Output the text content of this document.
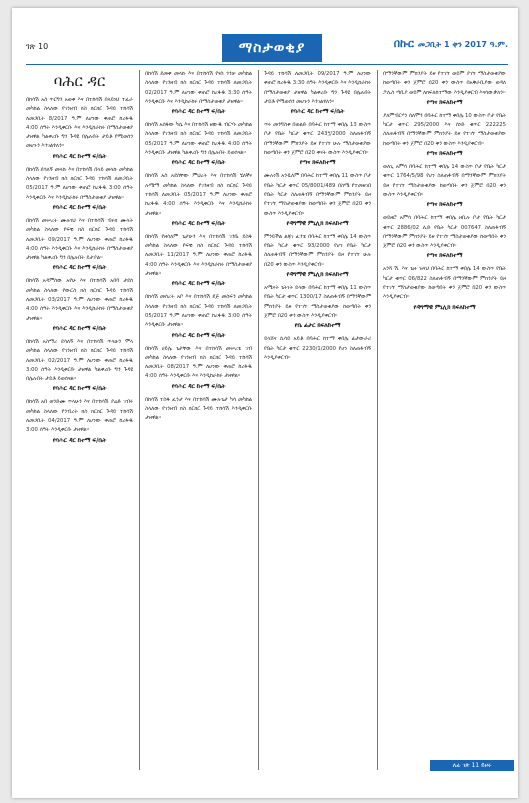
ገጽ 10	ማስታወቂያ	በኩር መጋቢት 1 ቀን 2017 ዓ.ም.
ባሕር ዳር

በከሳሽ አስ ጥርግን አወቀ እና በተከሳሽ በላይነህ ተፈራ መካከል ስላለው የገንዘብ ክስ ክርክር ጉዳይ ተከሳሽ ለመጋቢት 8/2017 ዓ.ም ለሆነው ቀጠሮ ከረፋዱ 4:00 ሰዓት እንዲቀርቡ እና እንዲከራከሩ በማስታወቂያ ታዘዋል ካልቀረቡ ግን ጉዳዩ በሌሉበት ታይቶ የሚወሰን መሆኑን እንገልፃለን።

የባሕር ዳር ከተማ ፍ/ቤት

በከሳሽ ደሳለኝ መላኩ እና በተከሳሽ በላይ መላኩ መካከል ስላለው የገንዘብ ክስ ክርክር ጉዳይ ተከሳሽ ለመጋቢት 05/2017 ዓ.ም ለሆነው ቀጠሮ ከረፋዱ 3:00 ሰዓት እንዲቀርቡ እና እንዲከራከሩ በማስታወቂያ ታዘዋል።

የባሕር ዳር ከተማ ፍ/ቤት

በከሳሽ መሠረት ሙሉነህ እና በተከሳሽ ብሩክ ሙላት መካከል ስላለው የፍቺ ክስ ክርክር ጉዳይ ተከሳሽ ለመጋቢት 09/2017 ዓ.ም ለሆነው ቀጠሮ ከረፋዱ 4:00 ሰዓት እንዲቀርቡ እና እንዲከራከሩ በማስታወቂያ ታዘዋል ካልቀረቡ ግን በሌሉበት ይታያል።

የባሕር ዳር ከተማ ፍ/ቤት

በከሳሽ አዳምሰው አየሁ እና በተከሳሽ አበባ ታደሰ መካከል ስላለው የውርስ ክስ ክርክር ጉዳይ ተከሳሽ ለመጋቢት 03/2017 ዓ.ም ለሆነው ቀጠሮ ከረፋዱ 4:00 ሰዓት እንዲቀርቡ እና እንዲከራከሩ በማስታወቂያ ታዘዋል።

የባሕር ዳር ከተማ ፍ/ቤት

በከሳሽ አስማረ ደሳለኝ እና በተከሳሽ ጥላሁን ሞላ መካከል ስላለው የገንዘብ ክስ ክርክር ጉዳይ ተከሳሽ ለመጋቢት 02/2017 ዓ.ም ለሆነው ቀጠሮ ከረፋዱ 3:00 ሰዓት እንዲቀርቡ ታዘዋል ካልቀረቡ ግን ጉዳዩ በሌሉበት ታይቶ ይወሰናል።

የባሕር ዳር ከተማ ፍ/ቤት

በከሳሽ አበ ወንድሙ ጥላሁን እና በተከሳሽ ያሬድ ገብሩ መካከል ስላለው የንብረት ክስ ክርክር ጉዳይ ተከሳሽ ለመጋቢት 04/2017 ዓ.ም ለሆነው ቀጠሮ ከረፋዱ 3:00 ሰዓት እንዲቀርቡ ታዘዋል።

የባሕር ዳር ከተማ ፍ/ቤት

በከሳሽ ደመቀ መላኩ እና በተከሳሽ የናስ ጎንቻ መካከል ስላለው የገንዘብ ክስ ክርክር ጉዳይ ተከሳሽ ለመጋቢት 02/2017 ዓ.ም ለሆነው ቀጠሮ ከረፋዱ 3:30 ሰዓት እንዲቀርቡ እና እንዲከራከሩ በማስታወቂያ ታዘዋል።

የባሕር ዳር ከተማ ፍ/ቤት

በከሳሽ አሰፋው ካሴ እና በተከሳሽ ዘውዱ ብርሃኑ መካከል ስላለው የገንዘብ ክስ ክርክር ጉዳይ ተከሳሽ ለመጋቢት 05/2017 ዓ.ም ለሆነው ቀጠሮ ከረፋዱ 4:00 ሰዓት እንዲቀርቡ ታዘዋል ካልቀረቡ ግን በሌሉበት ይወሰናል።

የባሕር ዳር ከተማ ፍ/ቤት

በከሳሽ አስ አደሰቸው ምህረት እና በተከሳሽ ሄለኛና ሉሜማ መካከል ስላለው የገንዘብ ክስ ክርክር ጉዳይ ተከሳሽ ለመጋቢት 05/2017 ዓ.ም ለሆነው ቀጠሮ ከረፋዱ 4:00 ሰዓት እንዲቀርቡ እና እንዲከራከሩ ታዘዋል።

የባሕር ዳር ከተማ ፍ/ቤት

በከሳሽ የዘሳለም ጌታሁን እና በተከሳሽ ገንቤ ይስፋ መካከል ስላለው የፍቺ ክስ ክርክር ጉዳይ ተከሳሽ ለመጋቢት 11/2017 ዓ.ም ለሆነው ቀጠሮ ከረፋዱ 4:00 ሰዓት እንዲቀርቡ እና እንዲከራከሩ በማስታወቂያ ታዘዋል።

የባሕር ዳር ከተማ ፍ/ቤት

በከሳሽ መሰረት አቦ እና በተከሳሽ ደጅ መስፍን መካከል ስላለው የገንዘብ ክስ ክርክር ጉዳይ ተከሳሽ ለመጋቢት 05/2017 ዓ.ም ለሆነው ቀጠሮ ከረፋዱ 3:00 ሰዓት እንዲቀርቡ ታዘዋል።

የባሕር ዳር ከተማ ፍ/ቤት

በከሳሽ ሀይሌ ጌታቸው እና በተከሳሽ መሠረቴ ገብ መካከል ስላለው የገንዘብ ክስ ክርክር ጉዳይ ተከሳሽ ለመጋቢት 08/2017 ዓ.ም ለሆነው ቀጠሮ ከረፋዱ 4:00 ሰዓት እንዲቀርቡ እና እንዲከራከሩ ታዘዋል።

የባሕር ዳር ከተማ ፍ/ቤት

በከሳሽ ተስፋ ፈንታ እና በተከሳሽ ሙሉጌታ ካሳ መካከል ስላለው የገንዘብ ክስ ክርክር ጉዳይ ተከሳሽ እንዲቀርቡ ታዘዋል።

ጉዳይ ተከሳሽ ለመጋቢት 09/2017 ዓ.ም ለሆነው ቀጠሮ ከረፋዱ 3:30 ሰዓት እንዲቀርቡ እና እንዲከራከሩ በማስታወቂያ ታዘዋል ካልቀረቡ ግን ጉዳዩ በሌሉበት ታይቶ የሚወሰን መሆኑን እንገልፃለን።

የባሕር ዳር ከተማ ፍ/ቤት

ጥሩ መንግስቱ በወልድ በባሕር ከተማ ቀበሌ 13 ውስጥ ቦታ የቤት ካርታ ቁጥር 243፺/2000 ስለጠፋብኝ በማንኛውም ምክንያት ይዞ የተገኘ ሁሉ ማስታወቂያው ከወጣበት ቀን ጀምሮ በ20 ቀናት ውስጥ እንዲያቀርብ።

የጣና ክፍለከተማ

ሙሉነሽ አንዷለም በባሕር ከተማ ቀበሌ 11 ውስጥ ቦታ የቤት ካርታ ቁጥር 05/8001/489 በስሜ የተመዘገበ የቤት ካርታ ስለጠፋብኝ በማንኛውም ምክንያት ይዞ የተገኘ ማስታወቂያው ከወጣበት ቀን ጀምሮ በ20 ቀን ውስጥ እንዲያቀርብ።

የዳግማዊ ምኒሊክ ክፍለከተማ

ምንይችል ልጃገ ፈንቴ በባሕር ከተማ ቀበሌ 14 ውስጥ የቤት ካርታ ቁጥር 93/2000 የሆነ የቤት ካርታ ስለጠፋብኝ በማንኛውም ምክንያት ይዞ የተገኘ ሁሉ በ20 ቀን ውስጥ እንዲያቀርብ።

የዳግማዊ ምኒሊክ ክፍለከተማ

አሚናት ጌትነት ይላው በባሕር ከተማ ቀበሌ 11 ውስጥ የቤት ካርታ ቁጥር 1300/17 ስለጠፋብኝ በማንኛውም ምክንያት ይዞ የተገኘ ማስታወቂያው ከወጣበት ቀን ጀምሮ በ20 ቀን ውስጥ እንዲያቀርብ።

የቤ ፊታር ክፍለከተማ

ይላሸና ሲሳይ አይቶ በባሕር ከተማ ቀበሌ ፊታውራሪ የቤት ካርታ ቁጥር 2230/1/2000 የሆነ ስለጠፋብኝ እንዲያቀርብ።

በማንኛውም ምክንያት ይዞ የተገኘ ወይም ያገኘ ማስታወቂያው ከወጣበት ቀን ጀምሮ በ20 ቀን ውስጥ በአቅራቢያው ወዳለ ፖሊስ ጣቢያ ወይም ለክፍለከተማው እንዲያቀርብ እናሳውቃለን።

የጣና ክፍለከተማ

ያለምብርሃን ሰለሞን በባሕር ከተማ ቀበሌ 10 ውስጥ ቦታ የቤት ካርታ ቁጥር 295/2000 እና ሰነድ ቁጥር 222225 ስለጠፋብኝ በማንኛውም ምክንያት ይዞ የተገኘ ማስታወቂያው ከወጣበት ቀን ጀምሮ በ20 ቀን ውስጥ እንዲያቀርብ።

የጣና ክፍለከተማ

ወለጊ አምሳ በባሕር ከተማ ቀበሌ 14 ውስጥ ቦታ የቤት ካርታ ቁጥር 1764/5/98 የሆነ ስለጠፋብኝ በማንኛውም ምክንያት ይዞ የተገኘ ማስታወቂያው ከወጣበት ቀን ጀምሮ በ20 ቀን ውስጥ እንዲያቀርብ።

የጣና ክፍለከተማ

ወይዘሮ አምሳ በባሕር ከተማ ቀበሌ ዘቢሉ ቦታ የቤት ካርታ ቁጥር 2886/02 ሊድ የቤት ካርታ 007647 ስለጠፋብኝ በማንኛውም ምክንያት ይዞ የተገኘ ማስታወቂያው ከወጣበት ቀን ጀምሮ በ20 ቀን ውስጥ እንዲያቀርብ።

የጣና ክፍለከተማ

አንሻ ሽ. እና ጌዙ ዝናህ በባሕር ከተማ ቀበሌ 14 ውስጥ የቤት ካርታ ቁጥር 06/822 ስለጠፋብኝ በማንኛውም ምክንያት ይዞ የተገኘ ማስታወቂያው ከወጣበት ቀን ጀምሮ በ20 ቀን ውስጥ እንዲያቀርብ።

የዳግማዊ ምኒሊክ ክፍለከተማ
ለፊ ገጽ 11 ይዞሩ
